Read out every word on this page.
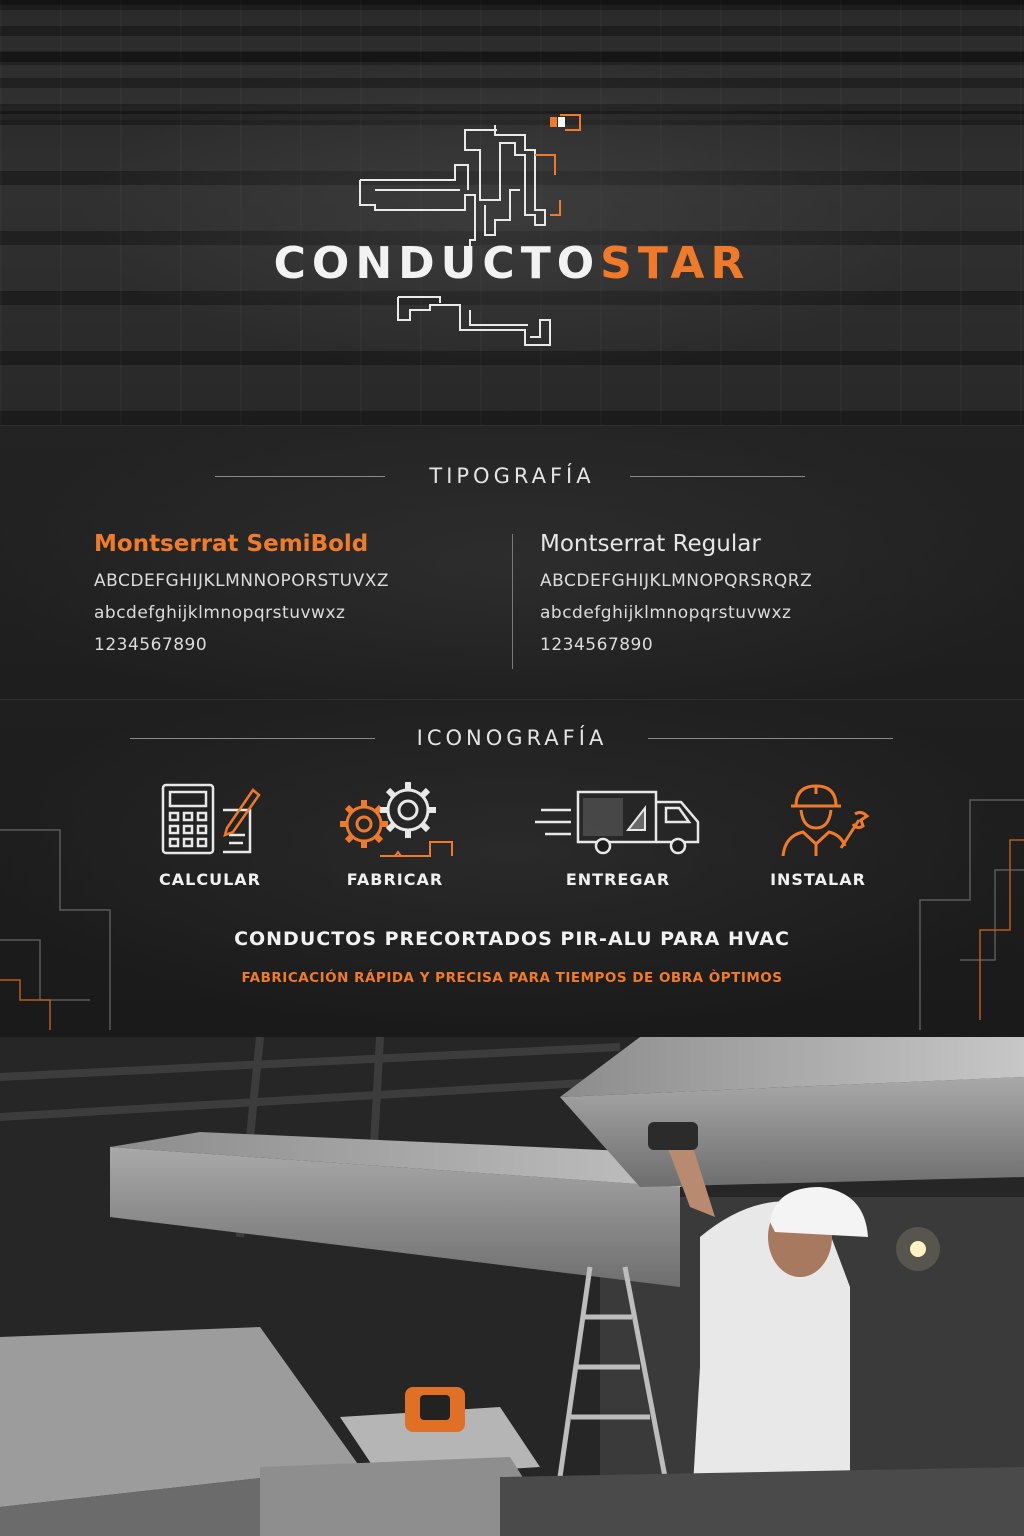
CONDUCTOSTAR
TIPOGRAFÍA
Montserrat SemiBold
ABCDEFGHIJKLMNNOPORSTUVXZ
abcdefghijklmnopqrstuvwxz
1234567890
Montserrat Regular
ABCDEFGHIJKLMNOPQRSRQRZ
abcdefghijklmnopqrstuvwxz
1234567890
ICONOGRAFÍA
CALCULAR	FABRICAR	ENTREGAR	INSTALAR
CONDUCTOS PRECORTADOS PIR-ALU PARA HVAC
FABRICACIÓN RÁPIDA Y PRECISA PARA TIEMPOS DE OBRA ÒPTIMOS
